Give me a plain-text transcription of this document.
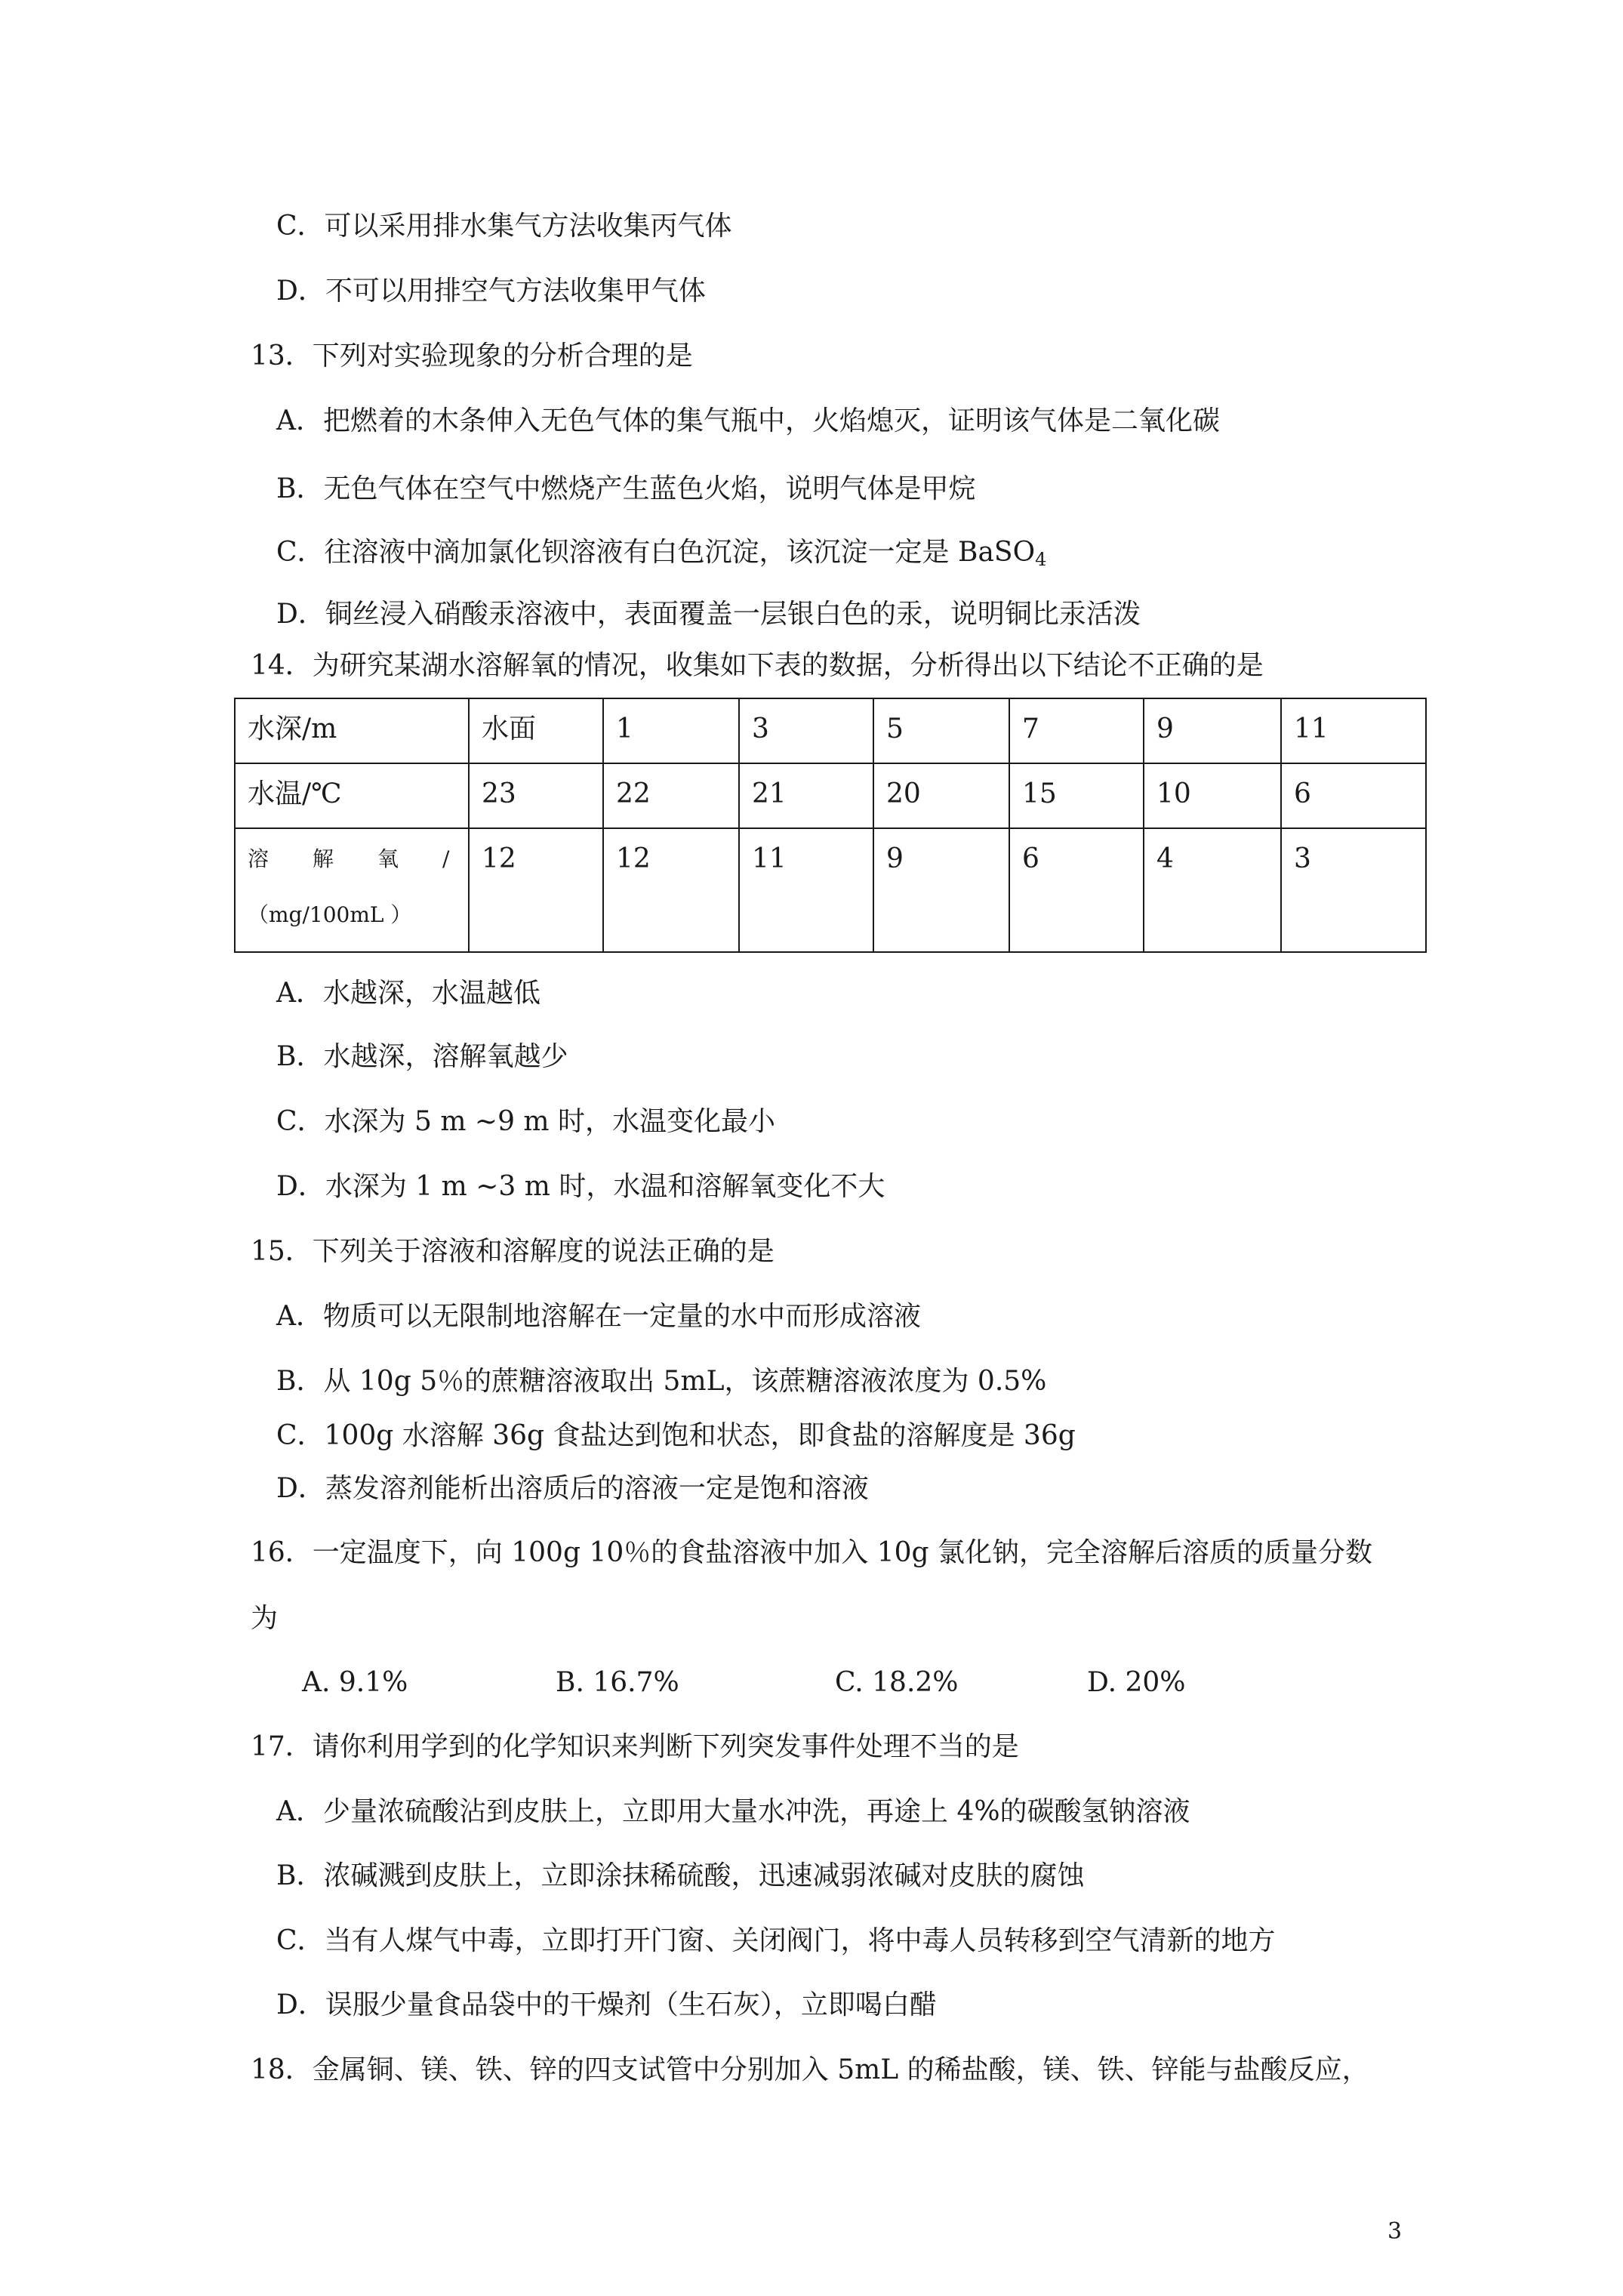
C．可以采用排水集气方法收集丙气体
D．不可以用排空气方法收集甲气体
13．下列对实验现象的分析合理的是
A．把燃着的木条伸入无色气体的集气瓶中，火焰熄灭，证明该气体是二氧化碳
B．无色气体在空气中燃烧产生蓝色火焰，说明气体是甲烷
C．往溶液中滴加氯化钡溶液有白色沉淀，该沉淀一定是 BaSO$_4$
D．铜丝浸入硝酸汞溶液中，表面覆盖一层银白色的汞，说明铜比汞活泼
14．为研究某湖水溶解氧的情况，收集如下表的数据，分析得出以下结论不正确的是
水深/m	水面	1	3	5	7	9	11
水温/℃	23	22	21	20	15	10	6

溶解氧/
（mg/100mL ）	12	12	11	9	6	4	3
A．水越深，水温越低
B．水越深，溶解氧越少
C．水深为 5 m ~9 m 时，水温变化最小
D．水深为 1 m ~3 m 时，水温和溶解氧变化不大
15．下列关于溶液和溶解度的说法正确的是
A．物质可以无限制地溶解在一定量的水中而形成溶液
B．从 10g 5％的蔗糖溶液取出 5mL，该蔗糖溶液浓度为 0.5%
C．100g 水溶解 36g 食盐达到饱和状态，即食盐的溶解度是 36g
D．蒸发溶剂能析出溶质后的溶液一定是饱和溶液
16．一定温度下，向 100g 10％的食盐溶液中加入 10g 氯化钠，完全溶解后溶质的质量分数
为
A. 9.1%	B. 16.7%	C. 18.2%	D. 20%
17．请你利用学到的化学知识来判断下列突发事件处理不当的是
A．少量浓硫酸沾到皮肤上，立即用大量水冲洗，再途上 4%的碳酸氢钠溶液
B．浓碱溅到皮肤上，立即涂抹稀硫酸，迅速减弱浓碱对皮肤的腐蚀
C．当有人煤气中毒，立即打开门窗、关闭阀门，将中毒人员转移到空气清新的地方
D．误服少量食品袋中的干燥剂（生石灰），立即喝白醋
18．金属铜、镁、铁、锌的四支试管中分别加入 5mL 的稀盐酸，镁、铁、锌能与盐酸反应，
3
